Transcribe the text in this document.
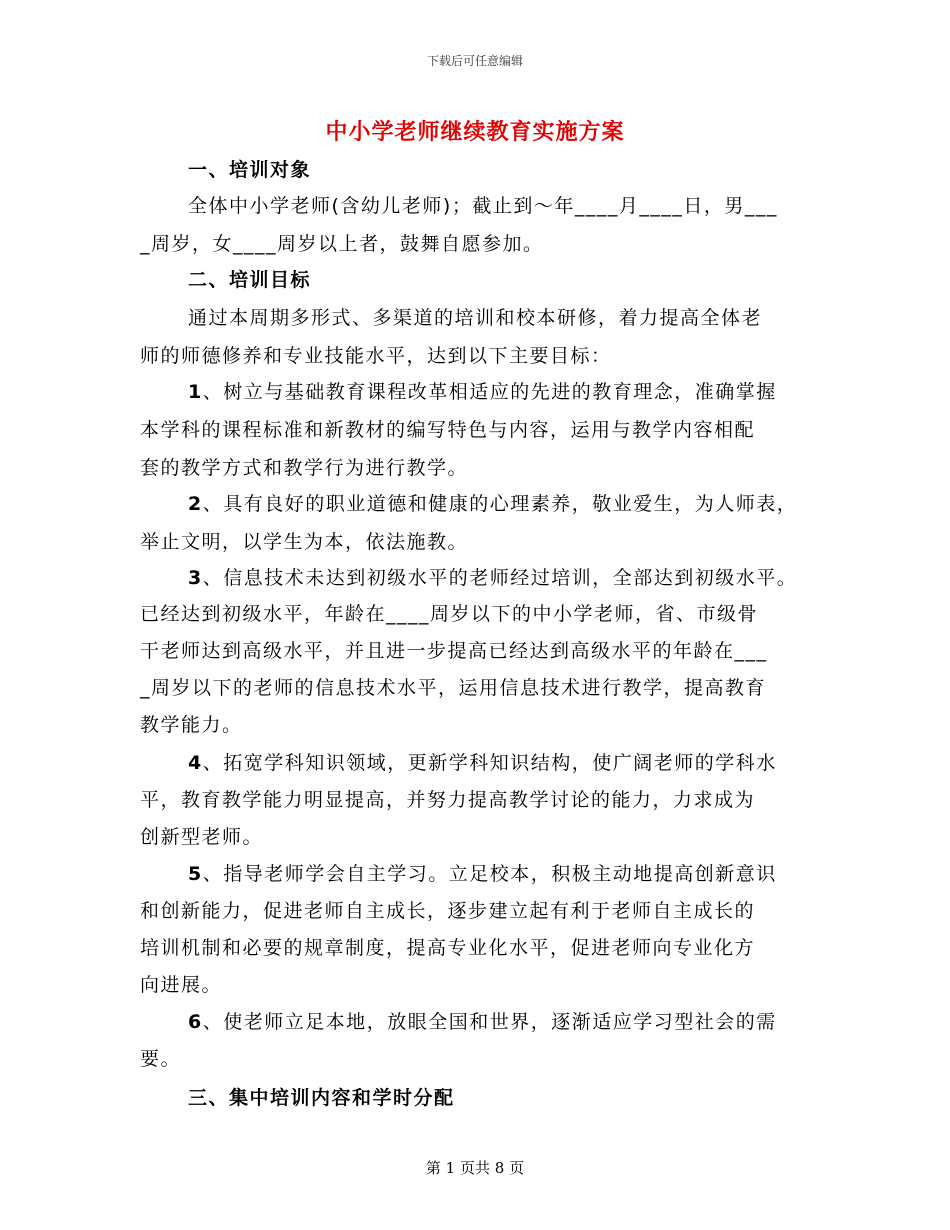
下载后可任意编辑
中小学老师继续教育实施方案
一、培训对象
全体中小学老师(含幼儿老师)；截止到～年____月____日，男___
_周岁，女____周岁以上者，鼓舞自愿参加。
二、培训目标
通过本周期多形式、多渠道的培训和校本研修，着力提高全体老
师的师德修养和专业技能水平，达到以下主要目标：
1、树立与基础教育课程改革相适应的先进的教育理念，准确掌握
本学科的课程标准和新教材的编写特色与内容，运用与教学内容相配
套的教学方式和教学行为进行教学。
2、具有良好的职业道德和健康的心理素养，敬业爱生，为人师表，
举止文明，以学生为本，依法施教。
3、信息技术未达到初级水平的老师经过培训，全部达到初级水平。
已经达到初级水平，年龄在____周岁以下的中小学老师，省、市级骨
干老师达到高级水平，并且进一步提高已经达到高级水平的年龄在___
_周岁以下的老师的信息技术水平，运用信息技术进行教学，提高教育
教学能力。
4、拓宽学科知识领域，更新学科知识结构，使广阔老师的学科水
平，教育教学能力明显提高，并努力提高教学讨论的能力，力求成为
创新型老师。
5、指导老师学会自主学习。立足校本，积极主动地提高创新意识
和创新能力，促进老师自主成长，逐步建立起有利于老师自主成长的
培训机制和必要的规章制度，提高专业化水平，促进老师向专业化方
向进展。
6、使老师立足本地，放眼全国和世界，逐渐适应学习型社会的需
要。
三、集中培训内容和学时分配
第 1 页共 8 页
